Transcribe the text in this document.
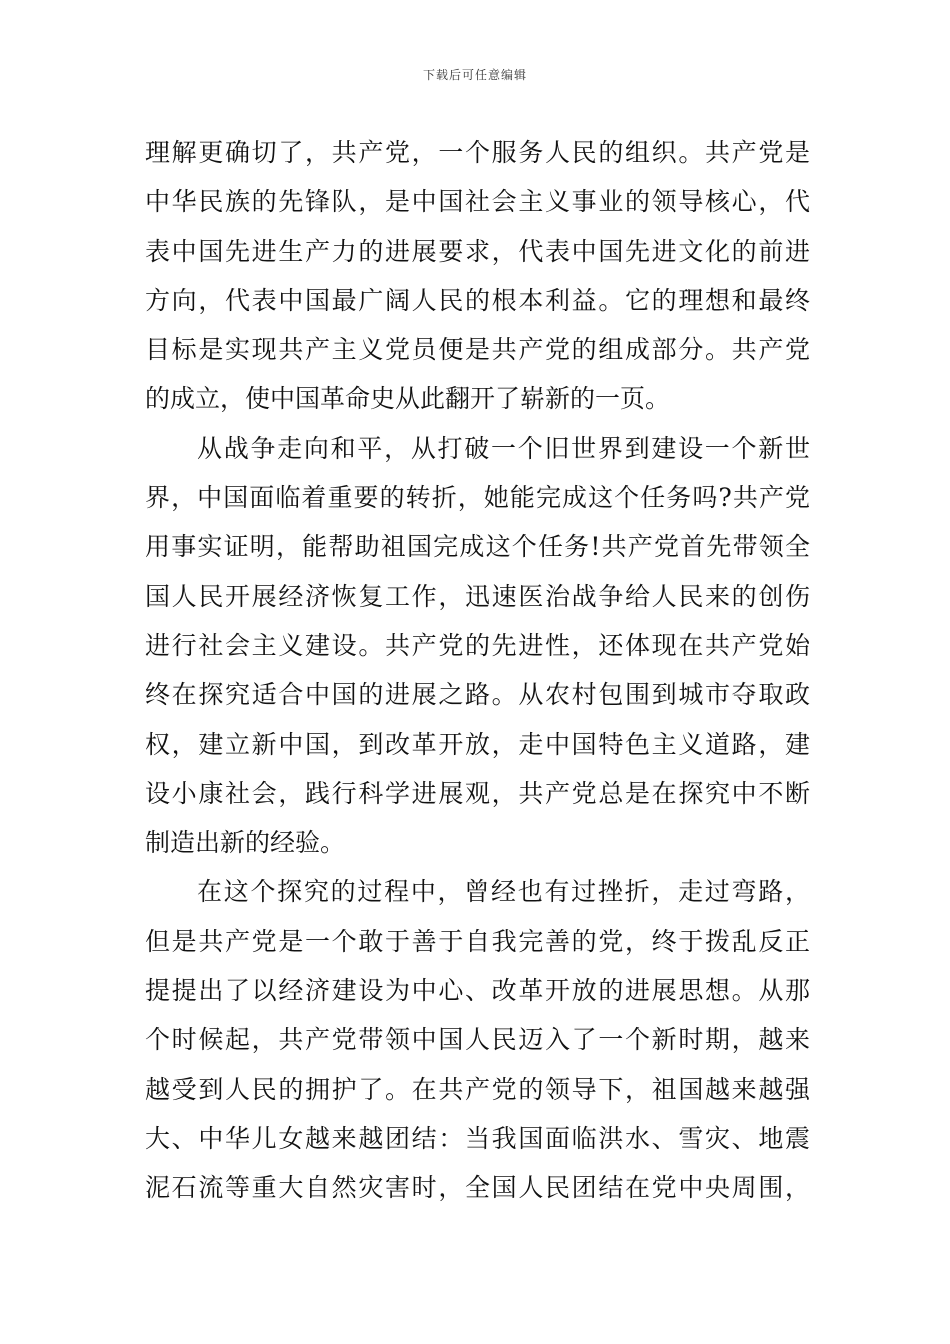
下载后可任意编辑
理解更确切了，共产党，一个服务人民的组织。共产党是
中华民族的先锋队，是中国社会主义事业的领导核心，代
表中国先进生产力的进展要求，代表中国先进文化的前进
方向，代表中国最广阔人民的根本利益。它的理想和最终
目标是实现共产主义党员便是共产党的组成部分。共产党
的成立，使中国革命史从此翻开了崭新的一页。
从战争走向和平，从打破一个旧世界到建设一个新世
界，中国面临着重要的转折，她能完成这个任务吗?共产党
用事实证明，能帮助祖国完成这个任务!共产党首先带领全
国人民开展经济恢复工作，迅速医治战争给人民来的创伤
进行社会主义建设。共产党的先进性，还体现在共产党始
终在探究适合中国的进展之路。从农村包围到城市夺取政
权，建立新中国，到改革开放，走中国特色主义道路，建
设小康社会，践行科学进展观，共产党总是在探究中不断
制造出新的经验。
在这个探究的过程中，曾经也有过挫折，走过弯路，
但是共产党是一个敢于善于自我完善的党，终于拨乱反正
提提出了以经济建设为中心、改革开放的进展思想。从那
个时候起，共产党带领中国人民迈入了一个新时期，越来
越受到人民的拥护了。在共产党的领导下，祖国越来越强
大、中华儿女越来越团结：当我国面临洪水、雪灾、地震
泥石流等重大自然灾害时，全国人民团结在党中央周围，
